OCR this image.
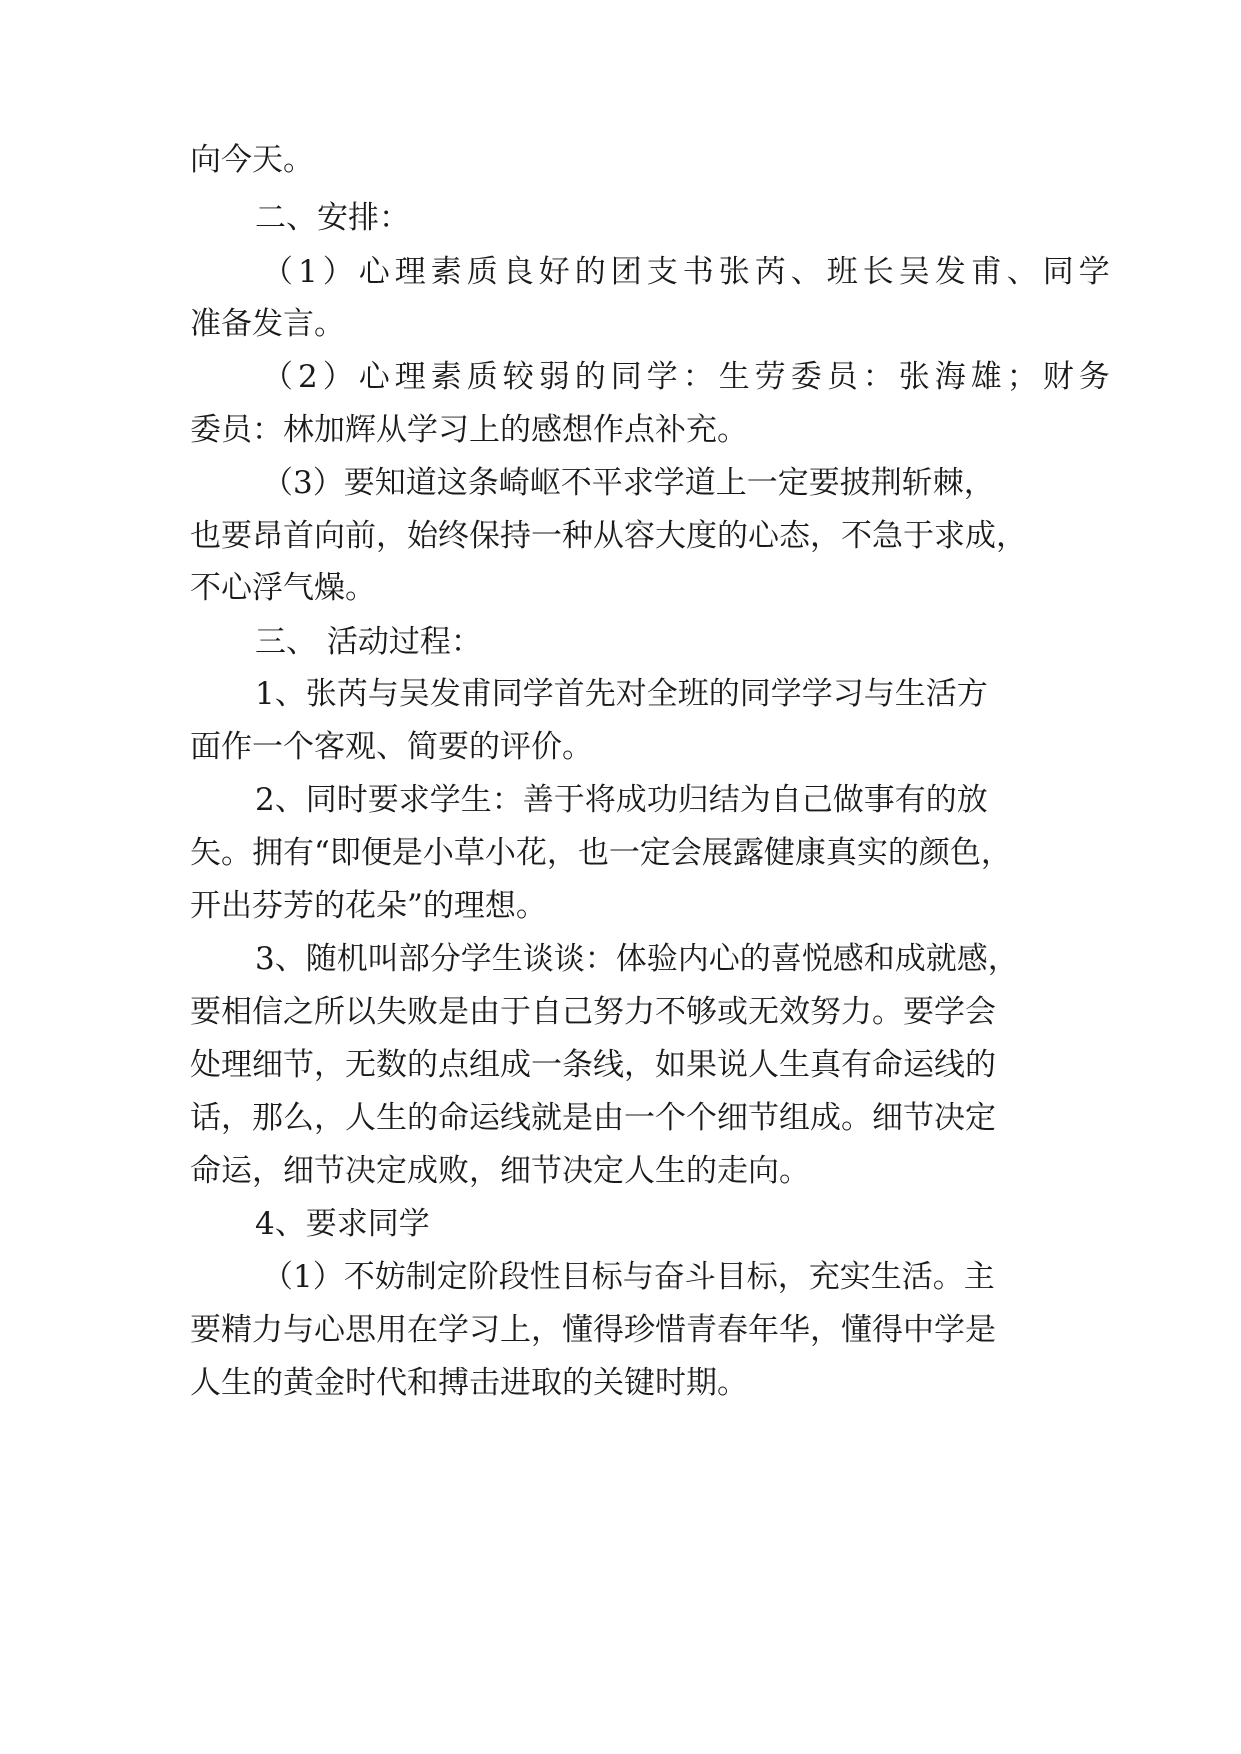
向今天。
二、安排：
（1）心理素质良好的团支书张芮、班长吴发甫、同学
准备发言。
（2）心理素质较弱的同学：生劳委员：张海雄；财务
委员：林加辉从学习上的感想作点补充。
（3）要知道这条崎岖不平求学道上一定要披荆斩棘，
也要昂首向前，始终保持一种从容大度的心态，不急于求成，
不心浮气燥。
三、 活动过程：
1、张芮与吴发甫同学首先对全班的同学学习与生活方
面作一个客观、简要的评价。
2、同时要求学生：善于将成功归结为自己做事有的放
矢。拥有“即便是小草小花，也一定会展露健康真实的颜色，
开出芬芳的花朵”的理想。
3、随机叫部分学生谈谈：体验内心的喜悦感和成就感，
要相信之所以失败是由于自己努力不够或无效努力。要学会
处理细节，无数的点组成一条线，如果说人生真有命运线的
话，那么，人生的命运线就是由一个个细节组成。细节决定
命运，细节决定成败，细节决定人生的走向。
4、要求同学
（1）不妨制定阶段性目标与奋斗目标，充实生活。主
要精力与心思用在学习上，懂得珍惜青春年华，懂得中学是
人生的黄金时代和搏击进取的关键时期。
